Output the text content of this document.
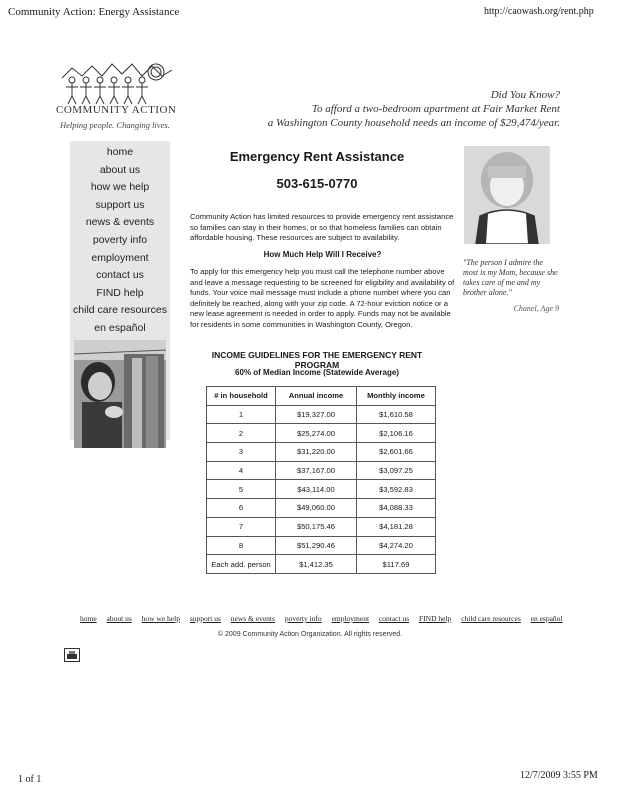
Community Action: Energy Assistance	http://caowash.org/rent.php
COMMUNITY ACTION
Helping people. Changing lives.
Did You Know?
To afford a two-bedroom apartment at Fair Market Rent
a Washington County household needs an income of $29,474/year.
home
about us
how we help
support us
news & events
poverty info
employment
contact us
FIND help
child care resources
en español
Emergency Rent Assistance
503-615-0770
Community Action has limited resources to provide emergency rent assistance so families can stay in their homes, or so that homeless families can obtain affordable housing. These resources are subject to availability.
How Much Help Will I Receive?
To apply for this emergency help you must call the telephone number above and leave a message requesting to be screened for eligibility and availability of funds. Your voice mail message must include a phone number where you can definitely be reached, along with your zip code. A 72-hour eviction notice or a new lease agreement is needed in order to apply. Funds may not be available for residents in some communities in Washington County, Oregon.
"The person I admire the most is my Mom, because she takes care of me and my brother alone."
Chanel, Age 9
INCOME GUIDELINES FOR THE EMERGENCY RENT PROGRAM
60% of Median Income (Statewide Average)
# in household	Annual income	Monthly income
1	$19,327.00	$1,610.58
2	$25,274.00	$2,106.16
3	$31,220.00	$2,601.66
4	$37,167.00	$3,097.25
5	$43,114.00	$3,592.83
6	$49,060.00	$4,088.33
7	$50,175.46	$4,181.28
8	$51,290.46	$4,274.20
Each add. person	$1,412.35	$117.69
home about us how we help support us news & events poverty info employment contact us FIND help child care resources en español
© 2009 Community Action Organization. All rights reserved.
1 of 1	12/7/2009 3:55 PM
